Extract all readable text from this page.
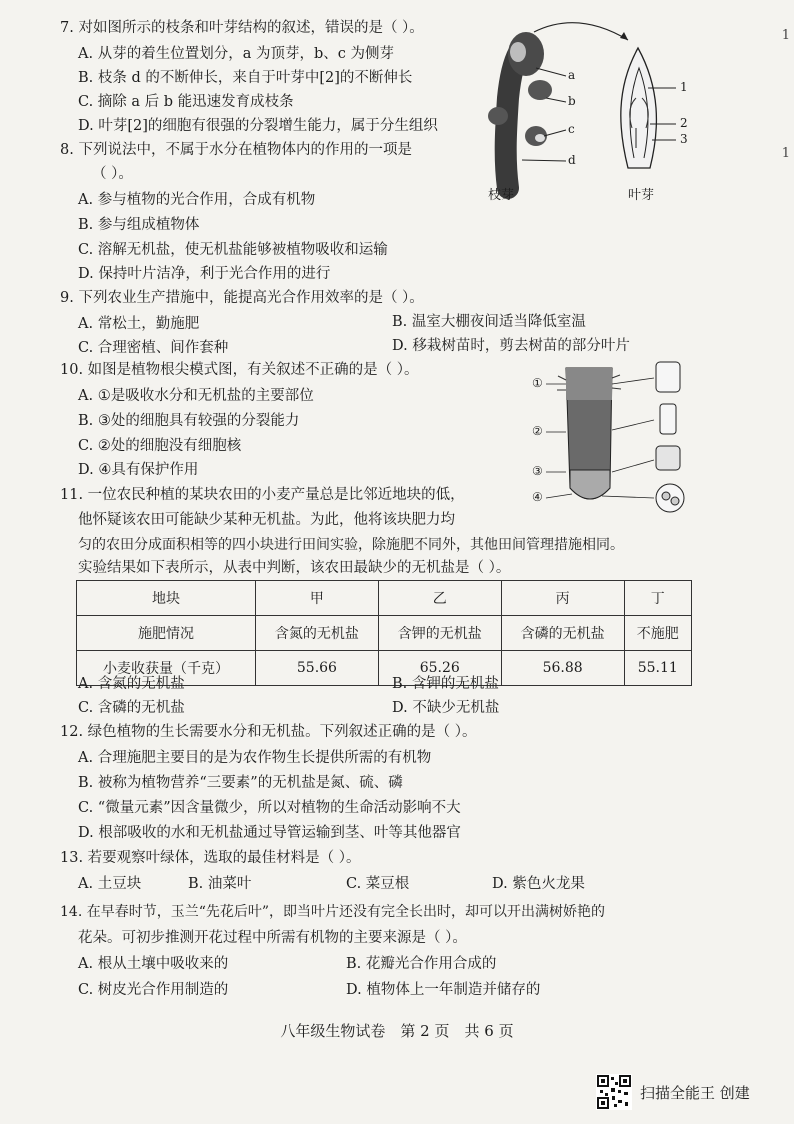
7. 对如图所示的枝条和叶芽结构的叙述，错误的是（ ）。
A. 从芽的着生位置划分，a 为顶芽，b、c 为侧芽
B. 枝条 d 的不断伸长，来自于叶芽中[2]的不断伸长
C. 摘除 a 后 b 能迅速发育成枝条
D. 叶芽[2]的细胞有很强的分裂增生能力，属于分生组织
8. 下列说法中，不属于水分在植物体内的作用的一项是
（ ）。
A. 参与植物的光合作用，合成有机物
B. 参与组成植物体
C. 溶解无机盐，使无机盐能够被植物吸收和运输
D. 保持叶片洁净，利于光合作用的进行
9. 下列农业生产措施中，能提高光合作用效率的是（ ）。
A. 常松土，勤施肥	B. 温室大棚夜间适当降低室温
C. 合理密植、间作套种	D. 移栽树苗时，剪去树苗的部分叶片
10. 如图是植物根尖模式图，有关叙述不正确的是（ ）。
A. ①是吸收水分和无机盐的主要部位
B. ③处的细胞具有较强的分裂能力
C. ②处的细胞没有细胞核
D. ④具有保护作用
11. 一位农民种植的某块农田的小麦产量总是比邻近地块的低，
他怀疑该农田可能缺少某种无机盐。为此，他将该块肥力均
匀的农田分成面积相等的四小块进行田间实验，除施肥不同外，其他田间管理措施相同。
实验结果如下表所示，从表中判断，该农田最缺少的无机盐是（ ）。
地块	甲	乙	丙	丁
施肥情况	含氮的无机盐	含钾的无机盐	含磷的无机盐	不施肥
小麦收获量（千克）	55.66	65.26	56.88	55.11
A. 含氮的无机盐	B. 含钾的无机盐
C. 含磷的无机盐	D. 不缺少无机盐
12. 绿色植物的生长需要水分和无机盐。下列叙述正确的是（ ）。
A. 合理施肥主要目的是为农作物生长提供所需的有机物
B. 被称为植物营养“三要素”的无机盐是氮、硫、磷
C. “微量元素”因含量微少，所以对植物的生命活动影响不大
D. 根部吸收的水和无机盐通过导管运输到茎、叶等其他器官
13. 若要观察叶绿体，选取的最佳材料是（ ）。
A. 土豆块	B. 油菜叶	C. 菜豆根	D. 紫色火龙果
14. 在早春时节，玉兰“先花后叶”，即当叶片还没有完全长出时，却可以开出满树娇艳的
花朵。可初步推测开花过程中所需有机物的主要来源是（ ）。
A. 根从土壤中吸收来的	B. 花瓣光合作用合成的
C. 树皮光合作用制造的	D. 植物体上一年制造并储存的
a
b
c
d
1
2
3
枝芽	叶芽
①
②
③
④
1
1
八年级生物试卷　第 2 页　共 6 页
扫描全能王 创建
